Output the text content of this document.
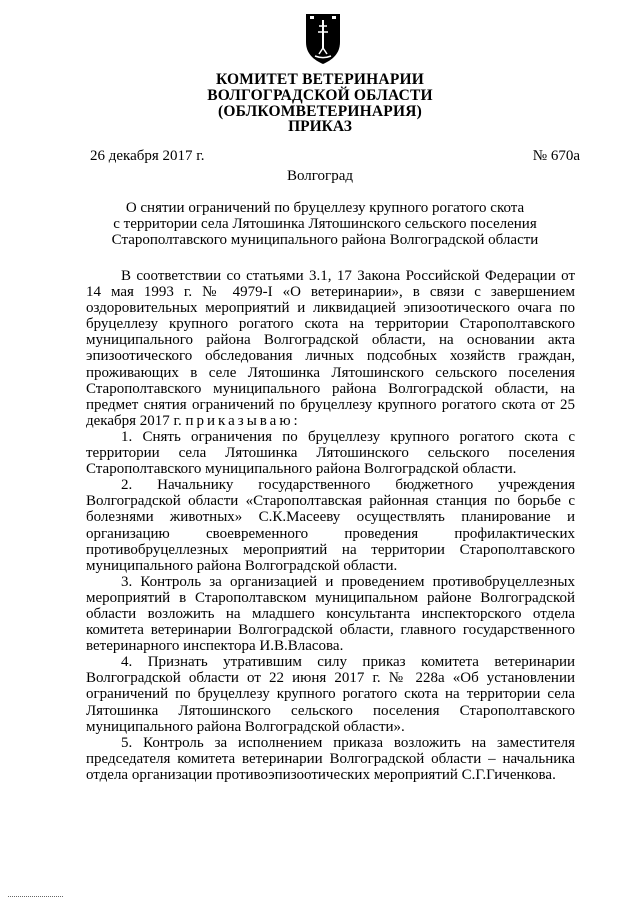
КОМИТЕТ ВЕТЕРИНАРИИ
ВОЛГОГРАДСКОЙ ОБЛАСТИ
(ОБЛКОМВЕТЕРИНАРИЯ)
ПРИКАЗ
26 декабря 2017 г.	№ 670а
Волгоград
О снятии ограничений по бруцеллезу крупного рогатого скота
с территории села Лятошинка Лятошинского сельского поселения
Старополтавского муниципального района Волгоградской области

В соответствии со статьями 3.1, 17 Закона Российской Федерации от 14 мая 1993 г. № 4979-I «О ветеринарии», в связи с завершением оздоровительных мероприятий и ликвидацией эпизоотического очага по бруцеллезу крупного рогатого скота на территории Старополтавского муниципального района Волгоградской области, на основании акта эпизоотического обследования личных подсобных хозяйств граждан, проживающих в селе Лятошинка Лятошинского сельского поселения Старополтавского муниципального района Волгоградской области, на предмет снятия ограничений по бруцеллезу крупного рогатого скота от 25 декабря 2017 г. приказываю:

1. Снять ограничения по бруцеллезу крупного рогатого скота с территории села Лятошинка Лятошинского сельского поселения Старополтавского муниципального района Волгоградской области.

2. Начальнику государственного бюджетного учреждения Волгоградской области «Старополтавская районная станция по борьбе с болезнями животных» С.К.Масееву осуществлять планирование и организацию своевременного проведения профилактических противобруцеллезных мероприятий на территории Старополтавского муниципального района Волгоградской области.

3. Контроль за организацией и проведением противобруцеллезных мероприятий в Старополтавском муниципальном районе Волгоградской области возложить на младшего консультанта инспекторского отдела комитета ветеринарии Волгоградской области, главного государственного ветеринарного инспектора И.В.Власова.

4. Признать утратившим силу приказ комитета ветеринарии Волгоградской области от 22 июня 2017 г. № 228а «Об установлении ограничений по бруцеллезу крупного рогатого скота на территории села Лятошинка Лятошинского сельского поселения Старополтавского муниципального района Волгоградской области».

5. Контроль за исполнением приказа возложить на заместителя председателя комитета ветеринарии Волгоградской области – начальника отдела организации противоэпизоотических мероприятий С.Г.Гиченкова.
